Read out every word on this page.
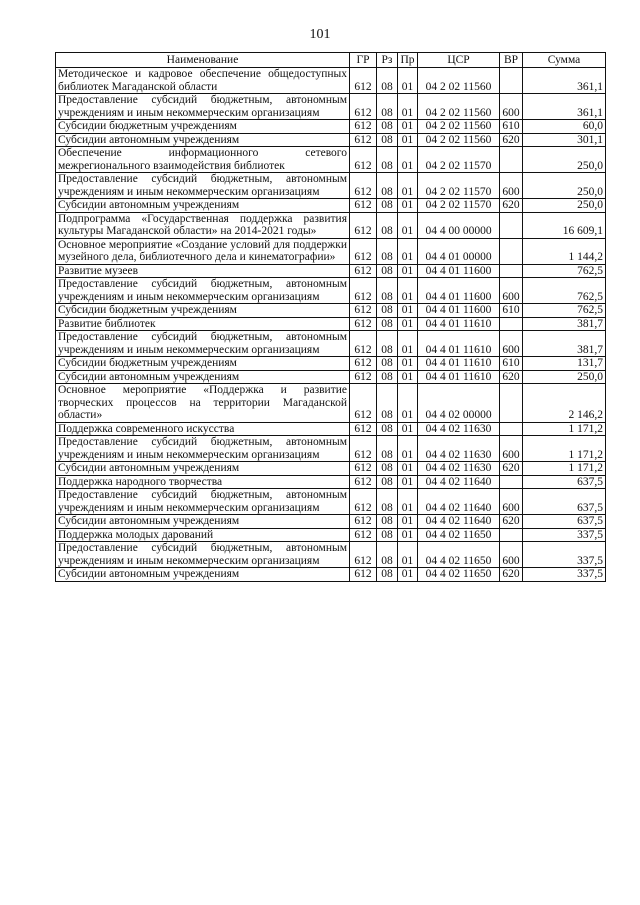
101
Наименование	ГР	Рз	Пр	ЦСР	ВР	Сумма
Методическое и кадровое обеспечение общедоступных библиотек Магаданской области	612	08	01	04 2 02 11560		361,1
Предоставление субсидий бюджетным, автономным учреждениям и иным некоммерческим организациям	612	08	01	04 2 02 11560	600	361,1
Субсидии бюджетным учреждениям	612	08	01	04 2 02 11560	610	60,0
Субсидии автономным учреждениям	612	08	01	04 2 02 11560	620	301,1
Обеспечение информационного сетевого межрегионального взаимодействия библиотек	612	08	01	04 2 02 11570		250,0
Предоставление субсидий бюджетным, автономным учреждениям и иным некоммерческим организациям	612	08	01	04 2 02 11570	600	250,0
Субсидии автономным учреждениям	612	08	01	04 2 02 11570	620	250,0
Подпрограмма «Государственная поддержка развития культуры Магаданской области» на 2014-2021 годы»	612	08	01	04 4 00 00000		16 609,1
Основное мероприятие «Создание условий для поддержки музейного дела, библиотечного дела и кинематографии»	612	08	01	04 4 01 00000		1 144,2
Развитие музеев	612	08	01	04 4 01 11600		762,5
Предоставление субсидий бюджетным, автономным учреждениям и иным некоммерческим организациям	612	08	01	04 4 01 11600	600	762,5
Субсидии бюджетным учреждениям	612	08	01	04 4 01 11600	610	762,5
Развитие библиотек	612	08	01	04 4 01 11610		381,7
Предоставление субсидий бюджетным, автономным учреждениям и иным некоммерческим организациям	612	08	01	04 4 01 11610	600	381,7
Субсидии бюджетным учреждениям	612	08	01	04 4 01 11610	610	131,7
Субсидии автономным учреждениям	612	08	01	04 4 01 11610	620	250,0
Основное мероприятие «Поддержка и развитие творческих процессов на территории Магаданской области»	612	08	01	04 4 02 00000		2 146,2
Поддержка современного искусства	612	08	01	04 4 02 11630		1 171,2
Предоставление субсидий бюджетным, автономным учреждениям и иным некоммерческим организациям	612	08	01	04 4 02 11630	600	1 171,2
Субсидии автономным учреждениям	612	08	01	04 4 02 11630	620	1 171,2
Поддержка народного творчества	612	08	01	04 4 02 11640		637,5
Предоставление субсидий бюджетным, автономным учреждениям и иным некоммерческим организациям	612	08	01	04 4 02 11640	600	637,5
Субсидии автономным учреждениям	612	08	01	04 4 02 11640	620	637,5
Поддержка молодых дарований	612	08	01	04 4 02 11650		337,5
Предоставление субсидий бюджетным, автономным учреждениям и иным некоммерческим организациям	612	08	01	04 4 02 11650	600	337,5
Субсидии автономным учреждениям	612	08	01	04 4 02 11650	620	337,5
